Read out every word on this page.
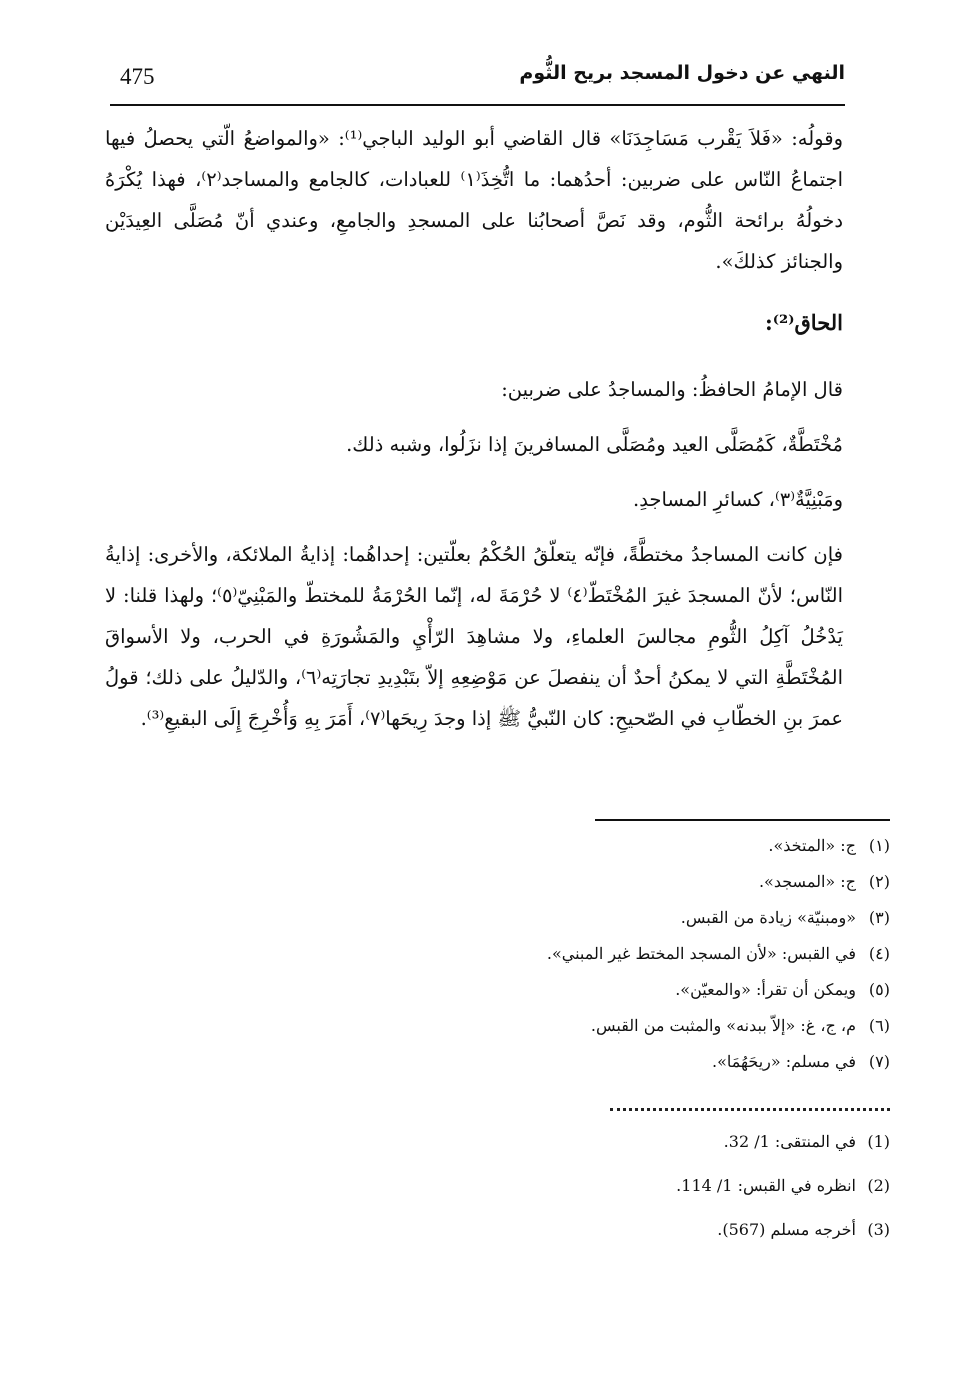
475	النهي عن دخول المسجد بريح الثُّوم

وقولُه: «فَلاَ يَقْرب مَسَاجِدَنَا» قال القاضي أبو الوليد الباجي⁽¹⁾: «والمواضعُ الّتي يحصلُ فيها اجتماعُ النّاس على ضربين: أحدُهما: ما اتُّخِذَ⁽١⁾ للعبادات، كالجامع والمساجد⁽٢⁾، فهذا يُكْرَهُ دخولُهُ برائحة الثُّوم، وقد نَصَّ أصحابُنا على المسجدِ والجامعِ، وعندي أنّ مُصَلَّى العِيدَيْن والجنائز كذلكَ».

الحاق⁽²⁾:

قال الإمامُ الحافظُ: والمساجدُ على ضربين:

مُخْتَطَّةٌ، كَمُصَلَّى العيد ومُصَلَّى المسافرينَ إذا نزَلُوا، وشبه ذلك.

ومَبْنِيَّةٌ⁽٣⁾، كسائرِ المساجدِ.

فإن كانت المساجدُ مختطَّةً، فإنّه يتعلّقُ الحُكْمُ بعلّتين: إحداهُما: إذايةُ الملائكة، والأخرى: إذايةُ النّاس؛ لأنّ المسجدَ غيرَ المُخْتَطّ⁽٤⁾ لا حُرْمَةَ له، إنّما الحُرْمَةُ للمختطّ والمَبْنِيّ⁽٥⁾؛ ولهذا قلنا: لا يَدْخُلُ آكِلُ الثُّومِ مجالسَ العلماءِ، ولا مشاهِدَ الرّأْيِ والمَشُورَةِ في الحرب، ولا الأسواقَ المُخْتَطَّةِ التي لا يمكنُ أحدٌ أن ينفصلَ عن مَوْضِعِهِ إلاّ بتَبْدِيدِ تجارَتِه⁽٦⁾، والدّليلُ على ذلك؛ قولُ عمرَ بنِ الخطّابِ في الصّحيحِ: كان النّبيُّ ﷺ إذا وجدَ رِيحَها⁽٧⁾، أَمَرَ بِهِ وَأُخْرِجَ إِلَى البقيعِ⁽³⁾.

(١)ج: «المتخذ».
(٢)ج: «المسجد».
(٣)«ومبنيّة» زيادة من القبس.
(٤)في القبس: «لأن المسجد المختط غير المبني».
(٥)ويمكن أن تقرأ: «والمعيّن».
(٦)م، ج، غ: «إلاّ ببدنه» والمثبت من القبس.
(٧)في مسلم: «ريحَهُمَا».
(1)في المنتقى: 1/ 32.
(2)انظره في القبس: 1/ 114.
(3)أخرجه مسلم (567).
